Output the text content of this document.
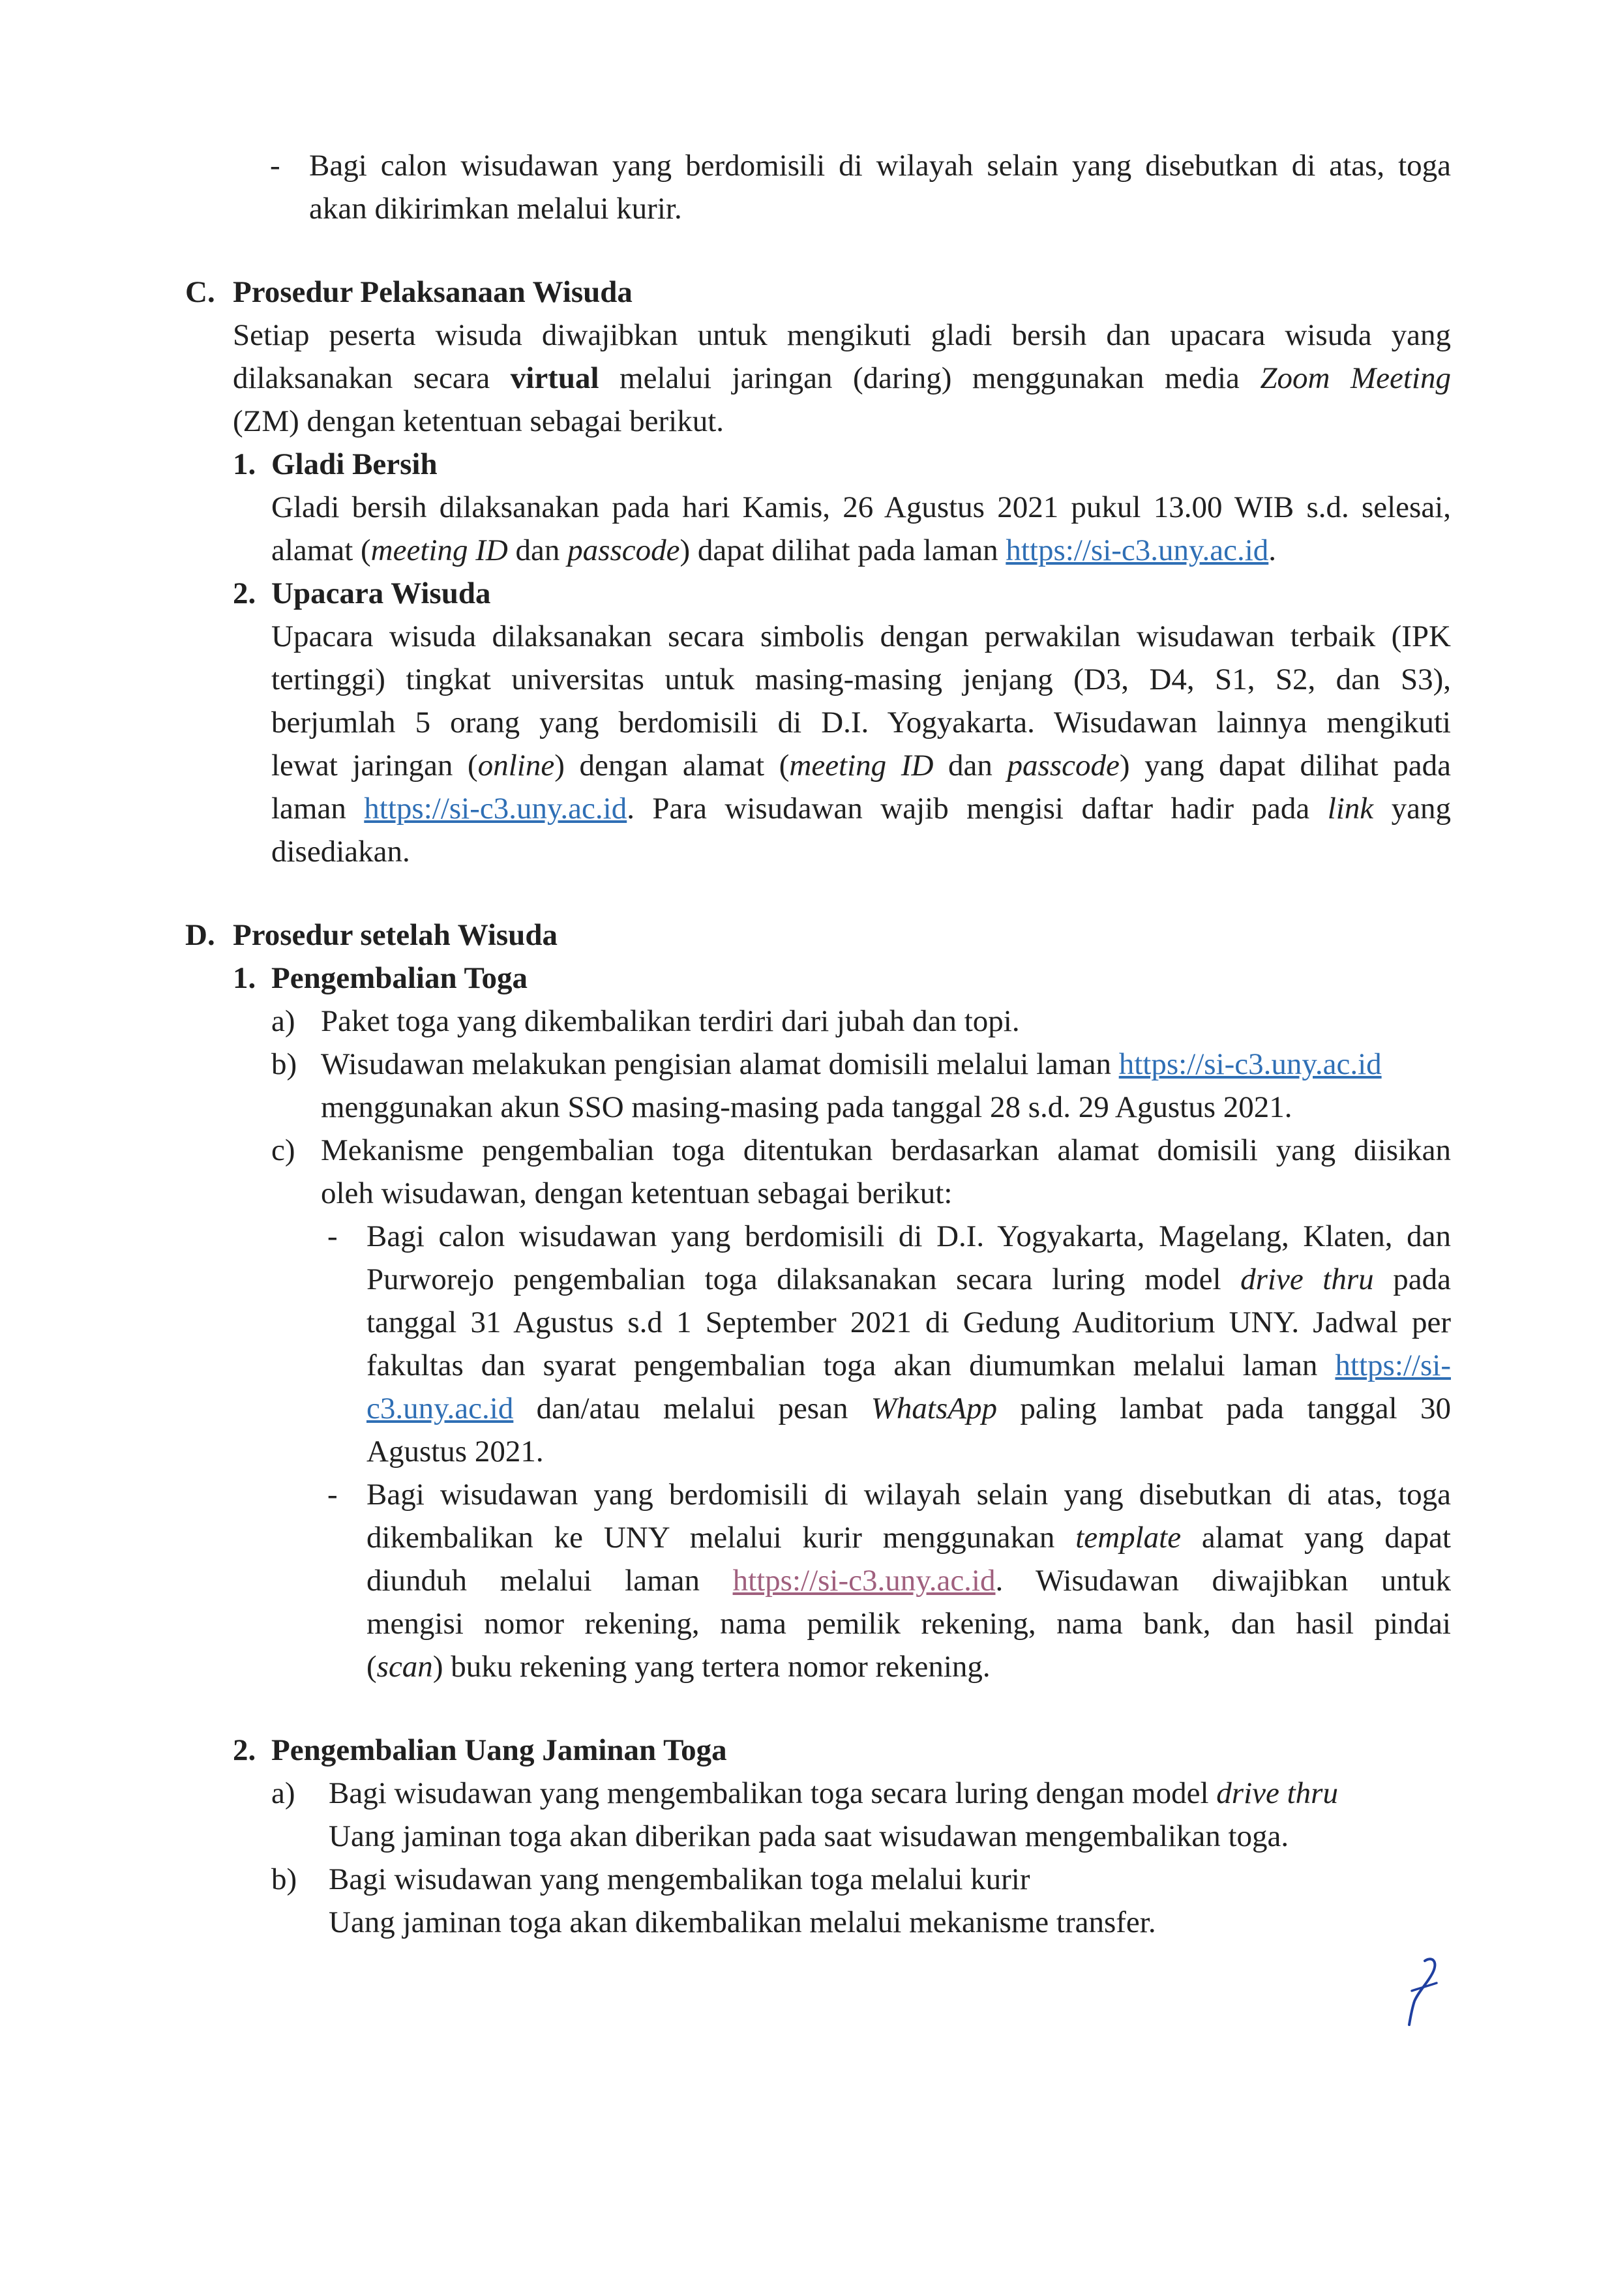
- Bagi calon wisudawan yang berdomisili di wilayah selain yang disebutkan di atas, toga
akan dikirimkan melalui kurir.
C. Prosedur Pelaksanaan Wisuda
Setiap peserta wisuda diwajibkan untuk mengikuti gladi bersih dan upacara wisuda yang
dilaksanakan secara virtual melalui jaringan (daring) menggunakan media Zoom Meeting
(ZM) dengan ketentuan sebagai berikut.
1. Gladi Bersih
Gladi bersih dilaksanakan pada hari Kamis, 26 Agustus 2021 pukul 13.00 WIB s.d. selesai,
alamat (meeting ID dan passcode) dapat dilihat pada laman https://si-c3.uny.ac.id.
2. Upacara Wisuda
Upacara wisuda dilaksanakan secara simbolis dengan perwakilan wisudawan terbaik (IPK
tertinggi) tingkat universitas untuk masing-masing jenjang (D3, D4, S1, S2, dan S3),
berjumlah 5 orang yang berdomisili di D.I. Yogyakarta. Wisudawan lainnya mengikuti
lewat jaringan (online) dengan alamat (meeting ID dan passcode) yang dapat dilihat pada
laman https://si-c3.uny.ac.id. Para wisudawan wajib mengisi daftar hadir pada link yang
disediakan.
D. Prosedur setelah Wisuda
1. Pengembalian Toga
a) Paket toga yang dikembalikan terdiri dari jubah dan topi.
b) Wisudawan melakukan pengisian alamat domisili melalui laman https://si-c3.uny.ac.id
menggunakan akun SSO masing-masing pada tanggal 28 s.d. 29 Agustus 2021.
c) Mekanisme pengembalian toga ditentukan berdasarkan alamat domisili yang diisikan
oleh wisudawan, dengan ketentuan sebagai berikut:
- Bagi calon wisudawan yang berdomisili di D.I. Yogyakarta, Magelang, Klaten, dan
Purworejo pengembalian toga dilaksanakan secara luring model drive thru pada
tanggal 31 Agustus s.d 1 September 2021 di Gedung Auditorium UNY. Jadwal per
fakultas dan syarat pengembalian toga akan diumumkan melalui laman https://si-
c3.uny.ac.id dan/atau melalui pesan WhatsApp paling lambat pada tanggal 30
Agustus 2021.
- Bagi wisudawan yang berdomisili di wilayah selain yang disebutkan di atas, toga
dikembalikan ke UNY melalui kurir menggunakan template alamat yang dapat
diunduh melalui laman https://si-c3.uny.ac.id. Wisudawan diwajibkan untuk
mengisi nomor rekening, nama pemilik rekening, nama bank, dan hasil pindai
(scan) buku rekening yang tertera nomor rekening.
2. Pengembalian Uang Jaminan Toga
a) Bagi wisudawan yang mengembalikan toga secara luring dengan model drive thru
Uang jaminan toga akan diberikan pada saat wisudawan mengembalikan toga.
b) Bagi wisudawan yang mengembalikan toga melalui kurir
Uang jaminan toga akan dikembalikan melalui mekanisme transfer.
